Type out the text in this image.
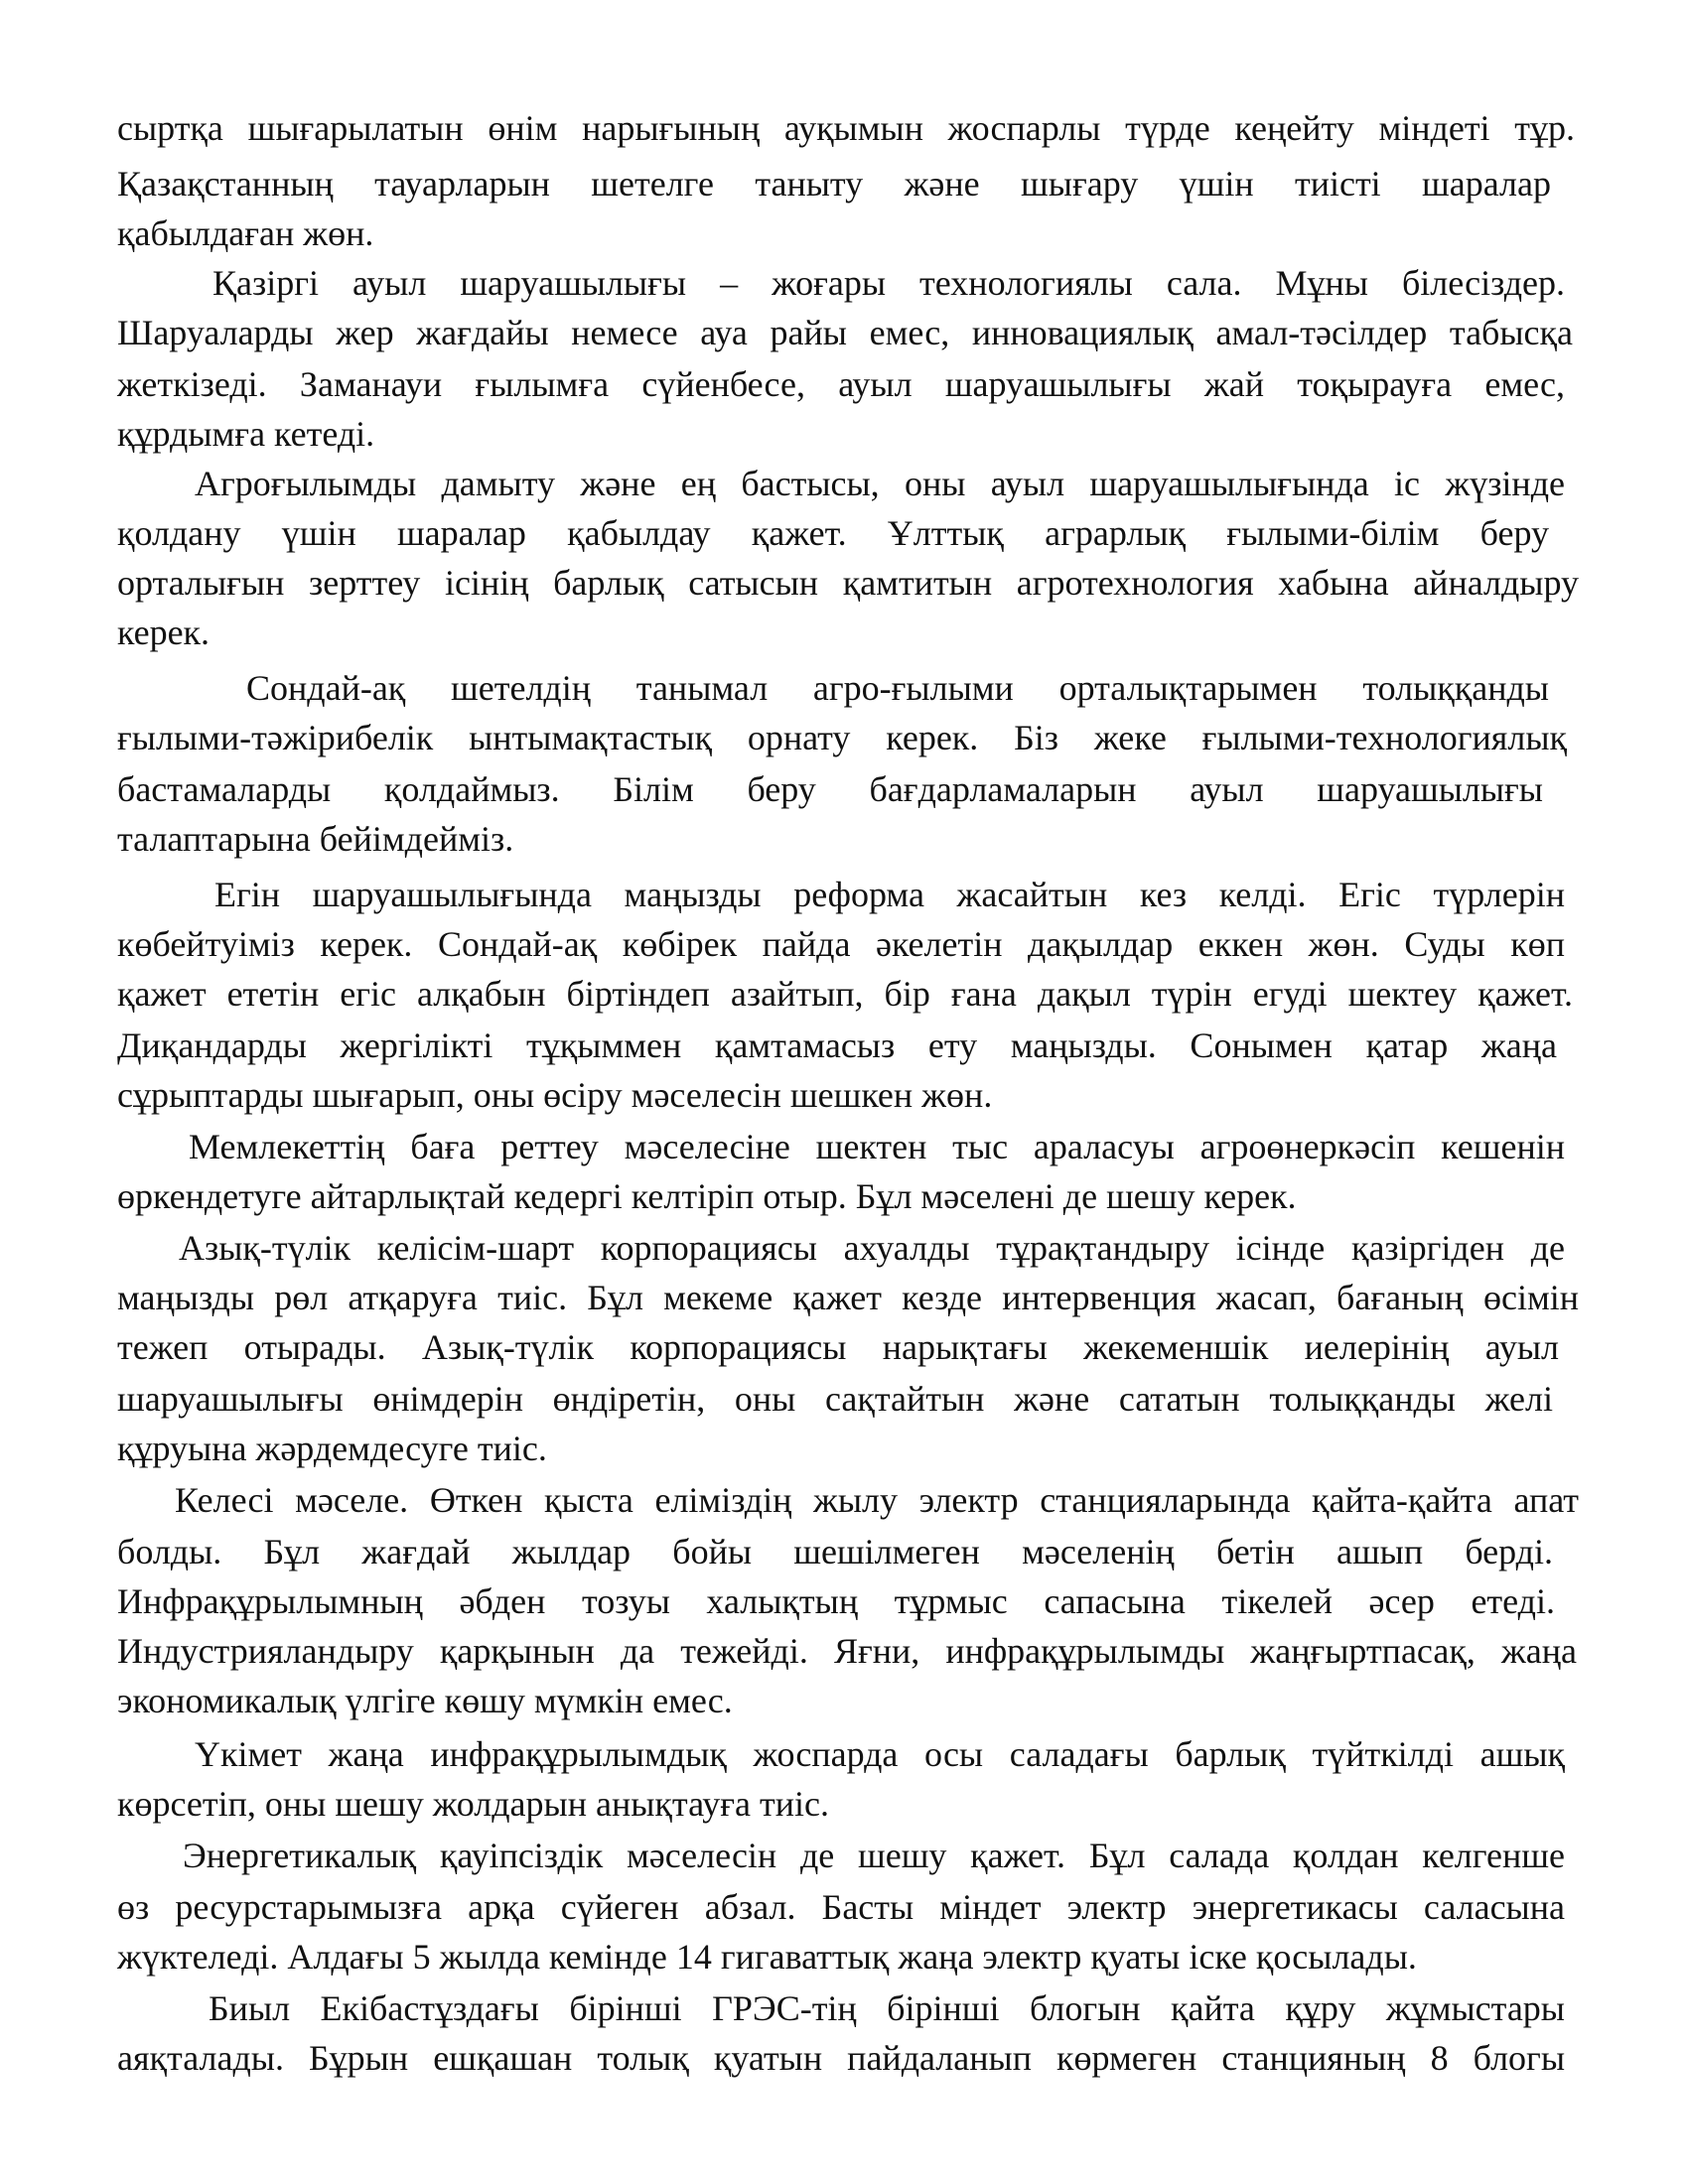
сыртқа шығарылатын өнім нарығының ауқымын жоспарлы түрде кеңейту міндеті тұр.
Қазақстанның тауарларын шетелге таныту және шығару үшін тиісті шаралар
қабылдаған жөн.
Қазіргі ауыл шаруашылығы – жоғары технологиялы сала. Мұны білесіздер.
Шаруаларды жер жағдайы немесе ауа райы емес, инновациялық амал-тәсілдер табысқа
жеткізеді. Заманауи ғылымға сүйенбесе, ауыл шаруашылығы жай тоқырауға емес,
құрдымға кетеді.
Агроғылымды дамыту және ең бастысы, оны ауыл шаруашылығында іс жүзінде
қолдану үшін шаралар қабылдау қажет. Ұлттық аграрлық ғылыми-білім беру
орталығын зерттеу ісінің барлық сатысын қамтитын агротехнология хабына айналдыру
керек.
Сондай-ақ шетелдің танымал агро-ғылыми орталықтарымен толыққанды
ғылыми-тәжірибелік ынтымақтастық орнату керек. Біз жеке ғылыми-технологиялық
бастамаларды қолдаймыз. Білім беру бағдарламаларын ауыл шаруашылығы
талаптарына бейімдейміз.
Егін шаруашылығында маңызды реформа жасайтын кез келді. Егіс түрлерін
көбейтуіміз керек. Сондай-ақ көбірек пайда әкелетін дақылдар еккен жөн. Суды көп
қажет ететін егіс алқабын біртіндеп азайтып, бір ғана дақыл түрін егуді шектеу қажет.
Диқандарды жергілікті тұқыммен қамтамасыз ету маңызды. Сонымен қатар жаңа
сұрыптарды шығарып, оны өсіру мәселесін шешкен жөн.
Мемлекеттің баға реттеу мәселесіне шектен тыс араласуы агроөнеркәсіп кешенін
өркендетуге айтарлықтай кедергі келтіріп отыр. Бұл мәселені де шешу керек.
Азық-түлік келісім-шарт корпорациясы ахуалды тұрақтандыру ісінде қазіргіден де
маңызды рөл атқаруға тиіс. Бұл мекеме қажет кезде интервенция жасап, бағаның өсімін
тежеп отырады. Азық-түлік корпорациясы нарықтағы жекеменшік иелерінің ауыл
шаруашылығы өнімдерін өндіретін, оны сақтайтын және сататын толыққанды желі
құруына жәрдемдесуге тиіс.
Келесі мәселе. Өткен қыста еліміздің жылу электр станцияларында қайта-қайта апат
болды. Бұл жағдай жылдар бойы шешілмеген мәселенің бетін ашып берді.
Инфрақұрылымның әбден тозуы халықтың тұрмыс сапасына тікелей әсер етеді.
Индустрияландыру қарқынын да тежейді. Яғни, инфрақұрылымды жаңғыртпасақ, жаңа
экономикалық үлгіге көшу мүмкін емес.
Үкімет жаңа инфрақұрылымдық жоспарда осы саладағы барлық түйткілді ашық
көрсетіп, оны шешу жолдарын анықтауға тиіс.
Энергетикалық қауіпсіздік мәселесін де шешу қажет. Бұл салада қолдан келгенше
өз ресурстарымызға арқа сүйеген абзал. Басты міндет электр энергетикасы саласына
жүктеледі. Алдағы 5 жылда кемінде 14 гигаваттық жаңа электр қуаты іске қосылады.
Биыл Екібастұздағы бірінші ГРЭС-тің бірінші блогын қайта құру жұмыстары
аяқталады. Бұрын ешқашан толық қуатын пайдаланып көрмеген станцияның 8 блогы
